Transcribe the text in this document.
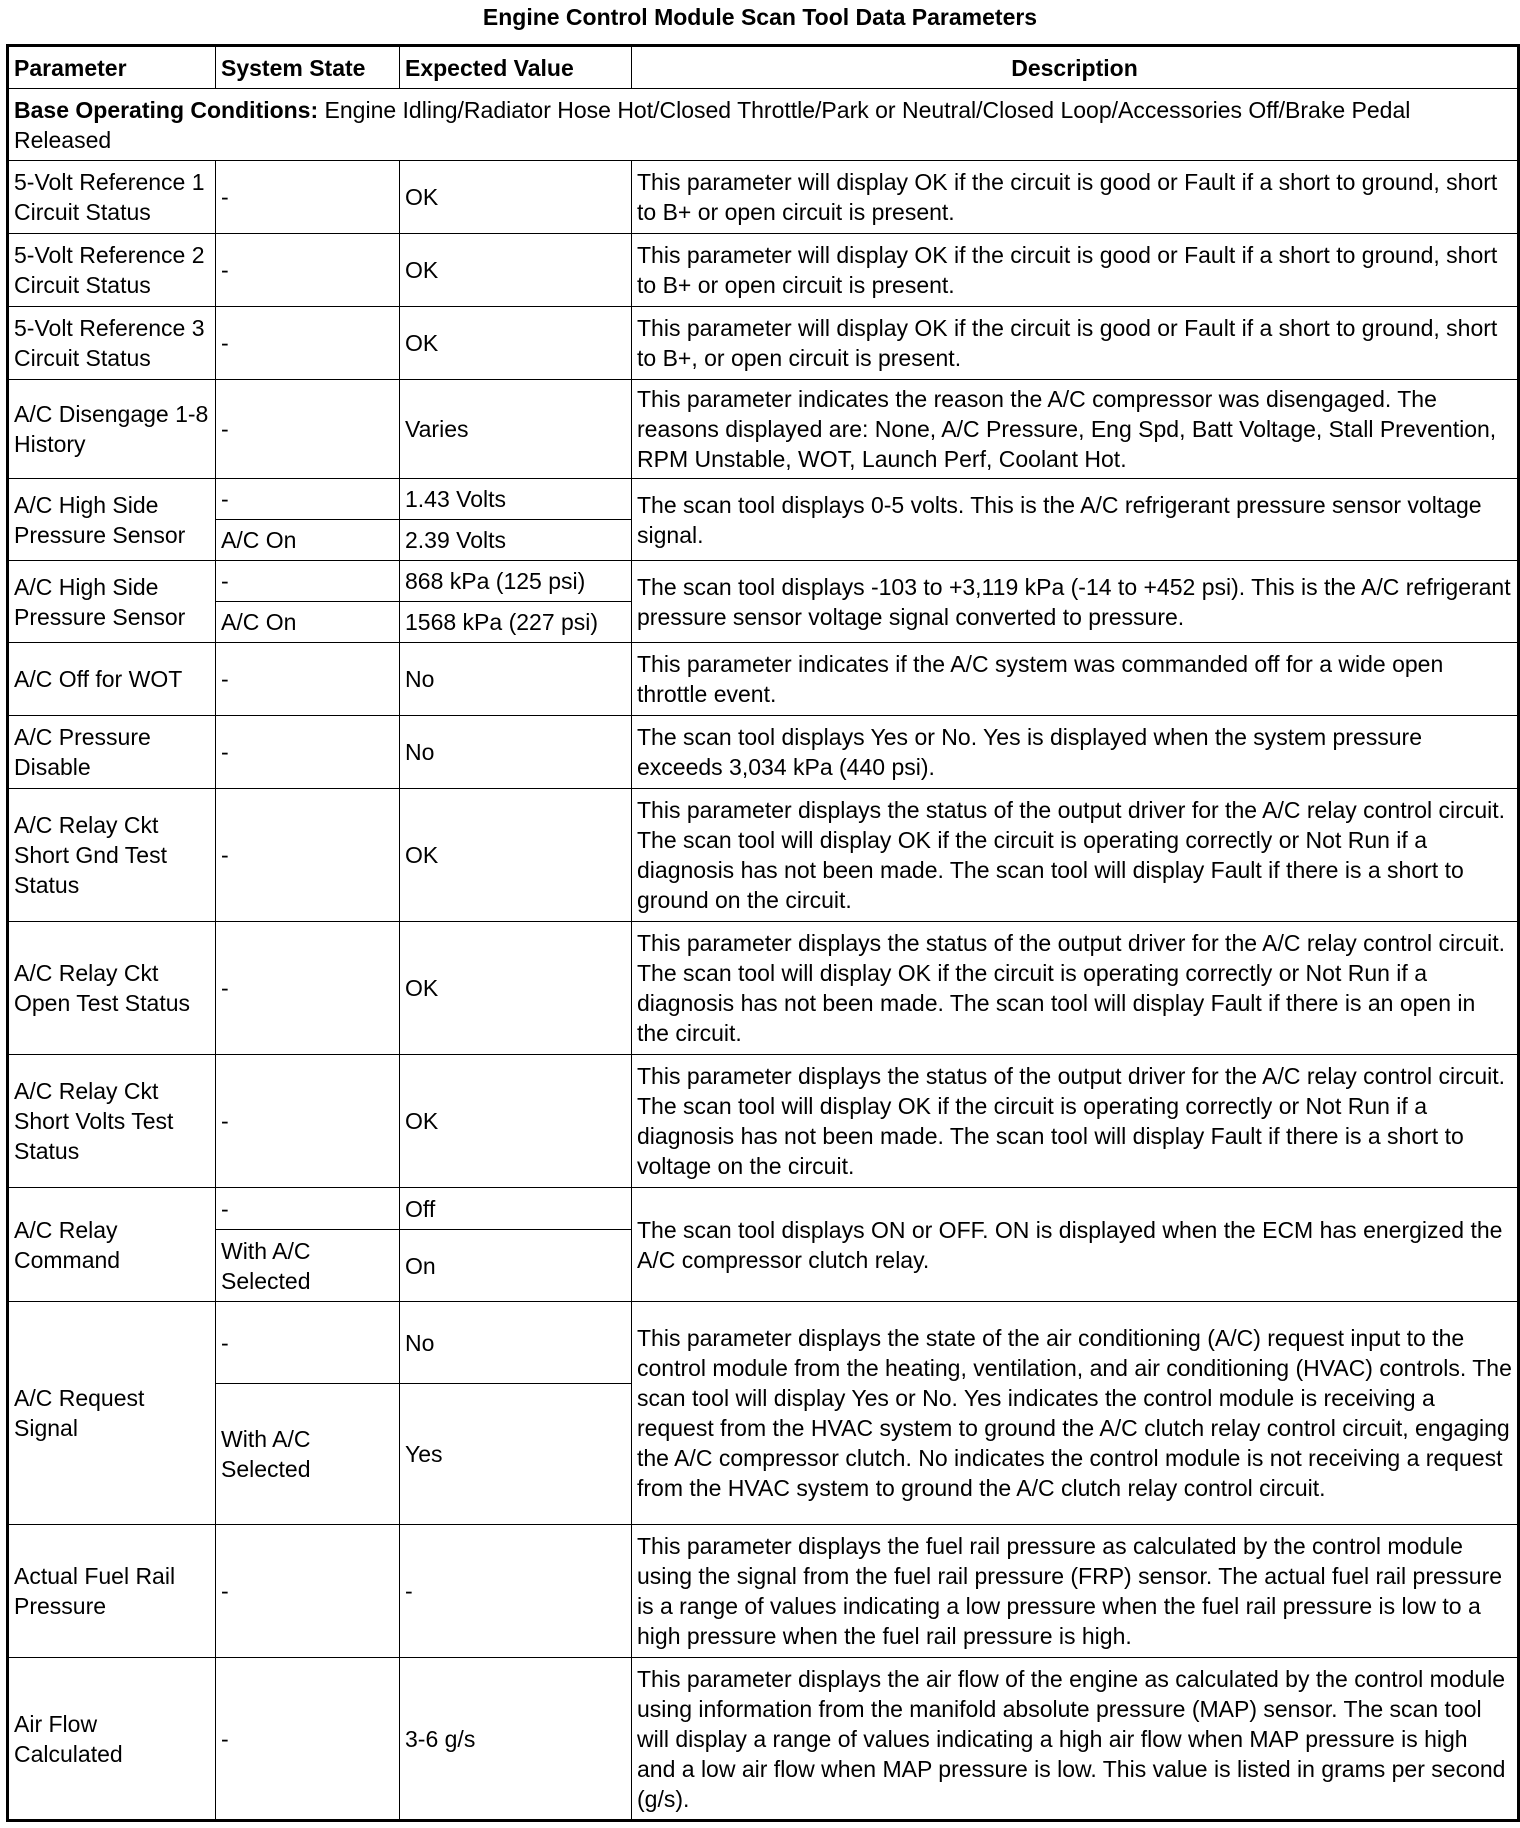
Engine Control Module Scan Tool Data Parameters
Parameter	System State	Expected Value	Description
Base Operating Conditions: Engine Idling/Radiator Hose Hot/Closed Throttle/Park or Neutral/Closed Loop/Accessories Off/Brake Pedal Released			
5-Volt Reference 1 Circuit Status	-	OK	This parameter will display OK if the circuit is good or Fault if a short to ground, short to B+ or open circuit is present.
5-Volt Reference 2 Circuit Status	-	OK	This parameter will display OK if the circuit is good or Fault if a short to ground, short to B+ or open circuit is present.
5-Volt Reference 3 Circuit Status	-	OK	This parameter will display OK if the circuit is good or Fault if a short to ground, short to B+, or open circuit is present.
A/C Disengage 1-8 History	-	Varies	This parameter indicates the reason the A/C compressor was disengaged. The reasons displayed are: None, A/C Pressure, Eng Spd, Batt Voltage, Stall Prevention, RPM Unstable, WOT, Launch Perf, Coolant Hot.
A/C High Side Pressure Sensor	-	1.43 Volts	The scan tool displays 0-5 volts. This is the A/C refrigerant pressure sensor voltage signal.
	A/C On	2.39 Volts	
A/C High Side Pressure Sensor	-	868 kPa (125 psi)	The scan tool displays -103 to +3,119 kPa (-14 to +452 psi). This is the A/C refrigerant pressure sensor voltage signal converted to pressure.
	A/C On	1568 kPa (227 psi)	
A/C Off for WOT	-	No	This parameter indicates if the A/C system was commanded off for a wide open throttle event.
A/C Pressure Disable	-	No	The scan tool displays Yes or No. Yes is displayed when the system pressure exceeds 3,034 kPa (440 psi).
A/C Relay Ckt Short Gnd Test Status	-	OK	This parameter displays the status of the output driver for the A/C relay control circuit. The scan tool will display OK if the circuit is operating correctly or Not Run if a diagnosis has not been made. The scan tool will display Fault if there is a short to ground on the circuit.
A/C Relay Ckt Open Test Status	-	OK	This parameter displays the status of the output driver for the A/C relay control circuit. The scan tool will display OK if the circuit is operating correctly or Not Run if a diagnosis has not been made. The scan tool will display Fault if there is an open in the circuit.
A/C Relay Ckt Short Volts Test Status	-	OK	This parameter displays the status of the output driver for the A/C relay control circuit. The scan tool will display OK if the circuit is operating correctly or Not Run if a diagnosis has not been made. The scan tool will display Fault if there is a short to voltage on the circuit.
A/C Relay Command	-	Off	The scan tool displays ON or OFF. ON is displayed when the ECM has energized the A/C compressor clutch relay.
	With A/C Selected	On	
A/C Request Signal	-	No	This parameter displays the state of the air conditioning (A/C) request input to the control module from the heating, ventilation, and air conditioning (HVAC) controls. The scan tool will display Yes or No. Yes indicates the control module is receiving a request from the HVAC system to ground the A/C clutch relay control circuit, engaging the A/C compressor clutch. No indicates the control module is not receiving a request from the HVAC system to ground the A/C clutch relay control circuit.
	With A/C Selected	Yes	
Actual Fuel Rail Pressure	-	-	This parameter displays the fuel rail pressure as calculated by the control module using the signal from the fuel rail pressure (FRP) sensor. The actual fuel rail pressure is a range of values indicating a low pressure when the fuel rail pressure is low to a high pressure when the fuel rail pressure is high.
Air Flow Calculated	-	3-6 g/s	This parameter displays the air flow of the engine as calculated by the control module using information from the manifold absolute pressure (MAP) sensor. The scan tool will display a range of values indicating a high air flow when MAP pressure is high and a low air flow when MAP pressure is low. This value is listed in grams per second (g/s).
